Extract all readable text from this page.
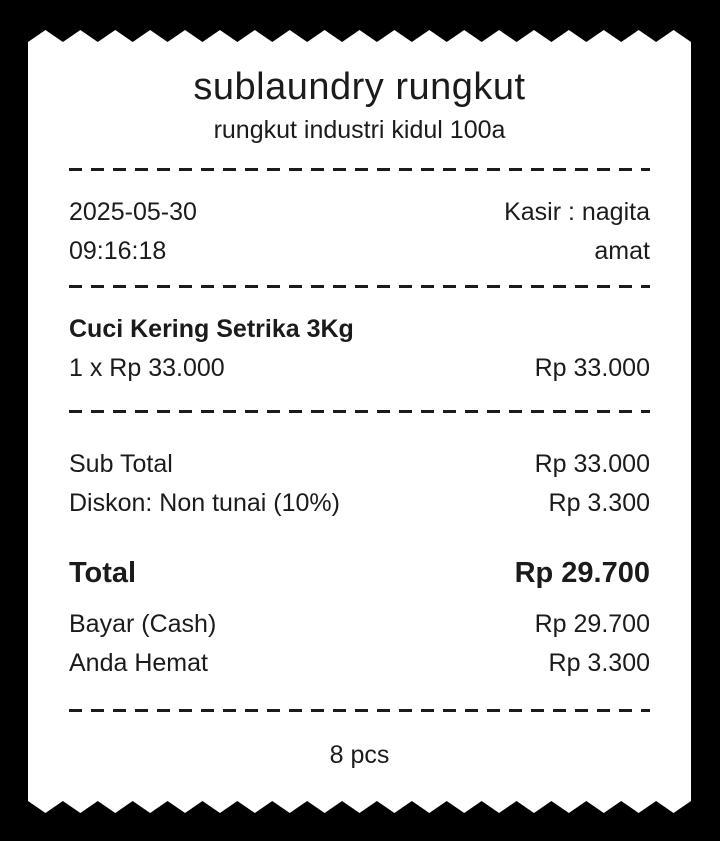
sublaundry rungkut
rungkut industri kidul 100a
2025-05-30	Kasir : nagita
09:16:18	amat
Cuci Kering Setrika 3Kg
1 x Rp 33.000	Rp 33.000
Sub Total	Rp 33.000
Diskon: Non tunai (10%)	Rp 3.300
Total	Rp 29.700
Bayar (Cash)	Rp 29.700
Anda Hemat	Rp 3.300
8 pcs
